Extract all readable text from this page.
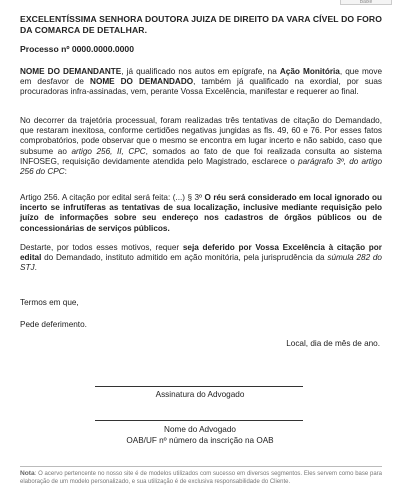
Baixe
EXCELENTÍSSIMA SENHORA DOUTORA JUIZA DE DIREITO DA VARA CÍVEL DO FORO DA COMARCA DE DETALHAR.
Processo nº 0000.0000.0000
NOME DO DEMANDANTE, já qualificado nos autos em epígrafe, na Ação Monitória, que move em desfavor de NOME DO DEMANDADO, também já qualificado na exordial, por suas procuradoras infra-assinadas, vem, perante Vossa Excelência, manifestar e requerer ao final.
No decorrer da trajetória processual, foram realizadas três tentativas de citação do Demandado, que restaram inexitosa, conforme certidões negativas jungidas as fls. 49, 60 e 76. Por esses fatos comprobatórios, pode observar que o mesmo se encontra em lugar incerto e não sabido, caso que subsume ao artigo 256, II, CPC, somados ao fato de que foi realizada consulta ao sistema INFOSEG, requisição devidamente atendida pelo Magistrado, esclarece o parágrafo 3º, do artigo 256 do CPC:
Artigo 256. A citação por edital será feita: (...) § 3º O réu será considerado em local ignorado ou incerto se infrutíferas as tentativas de sua localização, inclusive mediante requisição pelo juízo de informações sobre seu endereço nos cadastros de órgãos públicos ou de concessionárias de serviços públicos.
Destarte, por todos esses motivos, requer seja deferido por Vossa Excelência à citação por edital do Demandado, instituto admitido em ação monitória, pela jurisprudência da súmula 282 do STJ.
Termos em que,
Pede deferimento.
Local, dia de mês de ano.
Assinatura do Advogado
Nome do Advogado
OAB/UF nº número da inscrição na OAB
Nota: O acervo pertencente no nosso site é de modelos utilizados com sucesso em diversos segmentos. Eles servem como base para elaboração de um modelo personalizado, e sua utilização é de exclusiva responsabilidade do Cliente.
